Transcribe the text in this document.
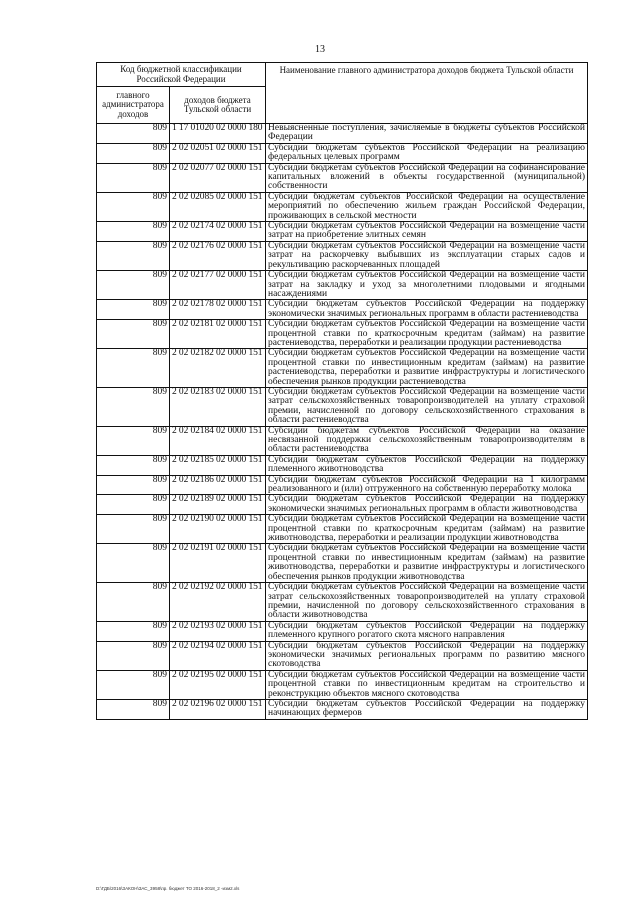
13
Код бюджетной классификации Российской Федерации		Наименование главного администратора доходов бюджета Тульской области
главного администратора доходов	доходов бюджета Тульской области	
809	1 17 01020 02 0000 180	Невыясненные поступления, зачисляемые в бюджеты субъектов Российской Федерации
809	2 02 02051 02 0000 151	Субсидии бюджетам субъектов Российской Федерации на реализацию федеральных целевых программ
809	2 02 02077 02 0000 151	Субсидии бюджетам субъектов Российской Федерации на софинансирование капитальных вложений в объекты государственной (муниципальной) собственности
809	2 02 02085 02 0000 151	Субсидии бюджетам субъектов Российской Федерации на осуществление мероприятий по обеспечению жильем граждан Российской Федерации, проживающих в сельской местности
809	2 02 02174 02 0000 151	Субсидии бюджетам субъектов Российской Федерации на возмещение части затрат на приобретение элитных семян
809	2 02 02176 02 0000 151	Субсидии бюджетам субъектов Российской Федерации на возмещение части затрат на раскорчевку выбывших из эксплуатации старых садов и рекультивацию раскорчеванных площадей
809	2 02 02177 02 0000 151	Субсидии бюджетам субъектов Российской Федерации на возмещение части затрат на закладку и уход за многолетними плодовыми и ягодными насаждениями
809	2 02 02178 02 0000 151	Субсидии бюджетам субъектов Российской Федерации на поддержку экономически значимых региональных программ в области растениеводства
809	2 02 02181 02 0000 151	Субсидии бюджетам субъектов Российской Федерации на возмещение части процентной ставки по краткосрочным кредитам (займам) на развитие растениеводства, переработки и реализации продукции растениеводства
809	2 02 02182 02 0000 151	Субсидии бюджетам субъектов Российской Федерации на возмещение части процентной ставки по инвестиционным кредитам (займам) на развитие растениеводства, переработки и развитие инфраструктуры и логистического обеспечения рынков продукции растениеводства
809	2 02 02183 02 0000 151	Субсидии бюджетам субъектов Российской Федерации на возмещение части затрат сельскохозяйственных товаропроизводителей на уплату страховой премии, начисленной по договору сельскохозяйственного страхования в области растениеводства
809	2 02 02184 02 0000 151	Субсидии бюджетам субъектов Российской Федерации на оказание несвязанной поддержки сельскохозяйственным товаропроизводителям в области растениеводства
809	2 02 02185 02 0000 151	Субсидии бюджетам субъектов Российской Федерации на поддержку племенного животноводства
809	2 02 02186 02 0000 151	Субсидии бюджетам субъектов Российской Федерации на 1 килограмм реализованного и (или) отгруженного на собственную переработку молока
809	2 02 02189 02 0000 151	Субсидии бюджетам субъектов Российской Федерации на поддержку экономически значимых региональных программ в области животноводства
809	2 02 02190 02 0000 151	Субсидии бюджетам субъектов Российской Федерации на возмещение части процентной ставки по краткосрочным кредитам (займам) на развитие животноводства, переработки и реализации продукции животноводства
809	2 02 02191 02 0000 151	Субсидии бюджетам субъектов Российской Федерации на возмещение части процентной ставки по инвестиционным кредитам (займам) на развитие животноводства, переработки и развитие инфраструктуры и логистического обеспечения рынков продукции животноводства
809	2 02 02192 02 0000 151	Субсидии бюджетам субъектов Российской Федерации на возмещение части затрат сельскохозяйственных товаропроизводителей на уплату страховой премии, начисленной по договору сельскохозяйственного страхования в области животноводства
809	2 02 02193 02 0000 151	Субсидии бюджетам субъектов Российской Федерации на поддержку племенного крупного рогатого скота мясного направления
809	2 02 02194 02 0000 151	Субсидии бюджетам субъектов Российской Федерации на поддержку экономически значимых региональных программ по развитию мясного скотоводства
809	2 02 02195 02 0000 151	Субсидии бюджетам субъектов Российской Федерации на возмещение части процентной ставки по инвестиционным кредитам на строительство и реконструкцию объектов мясного скотоводства
809	2 02 02196 02 0000 151	Субсидии бюджетам субъектов Российской Федерации на поддержку начинающих фермеров
D:\ГДБ\2016\ЗАКОН\ЗАС_3958\пр. бюджет ТО 2016-2018_2 -изм2.xls
